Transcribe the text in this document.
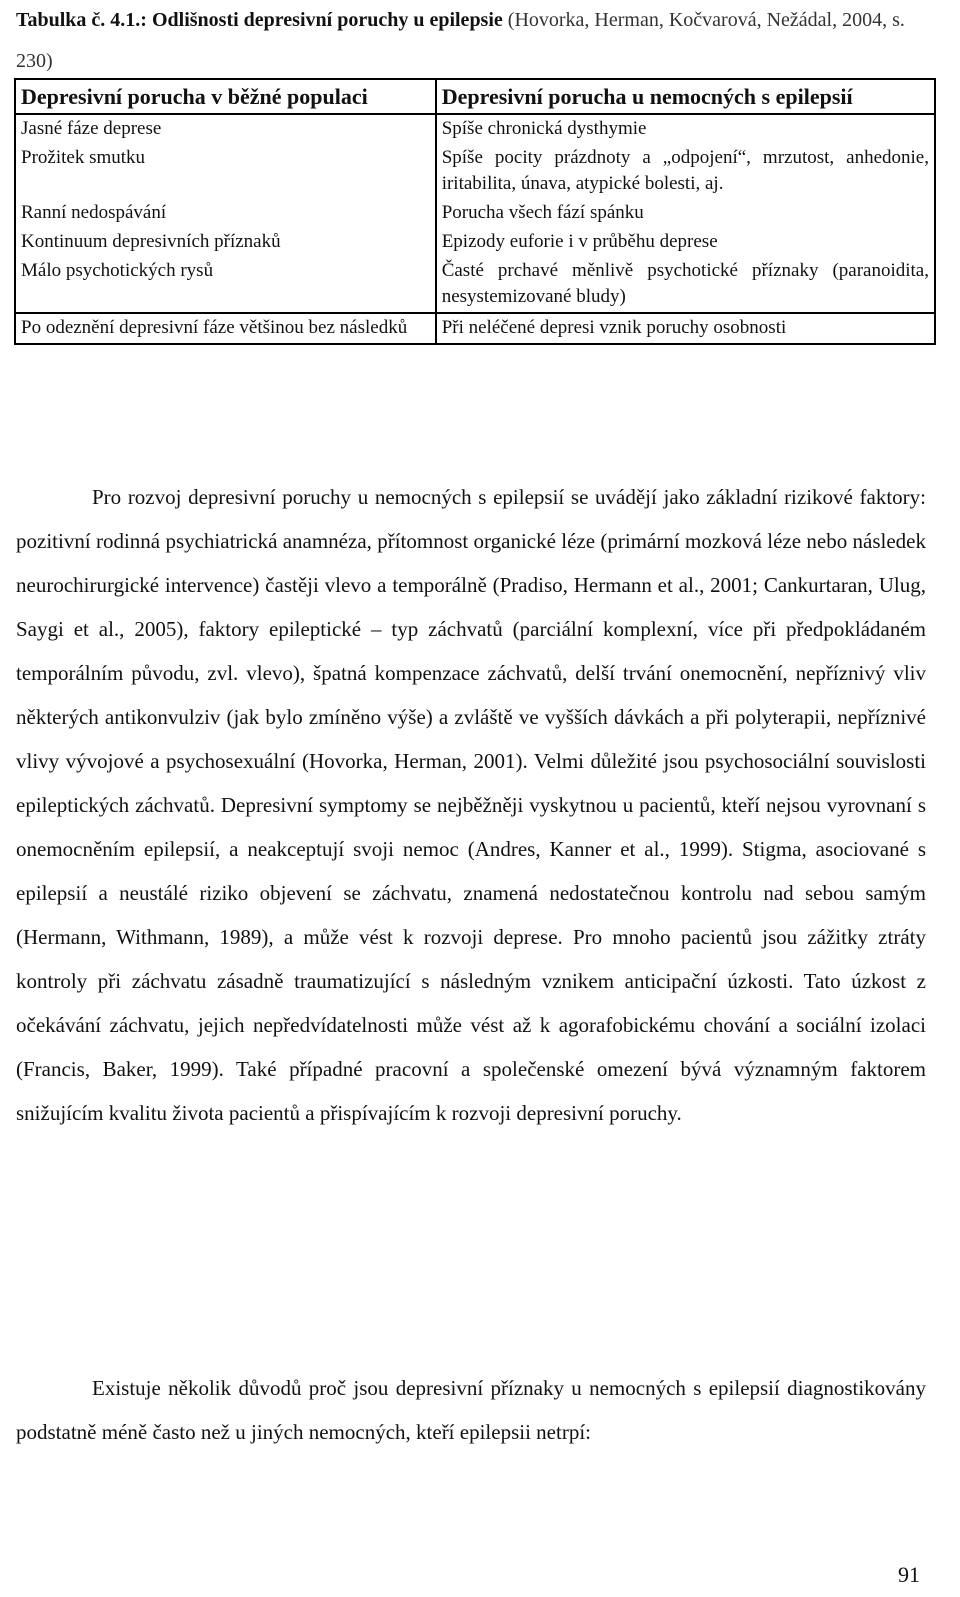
Tabulka č. 4.1.: Odlišnosti depresivní poruchy u epilepsie (Hovorka, Herman, Kočvarová, Nežádal, 2004, s. 230)

Depresivní porucha v běžné populaci	Depresivní porucha u nemocných s epilepsií
Jasné fáze deprese	Spíše chronická dysthymie
Prožitek smutku	Spíše pocity prázdnoty a „odpojení“, mrzutost, anhedonie, iritabilita, únava, atypické bolesti, aj.
Ranní nedospávání	Porucha všech fází spánku
Kontinuum depresivních příznaků	Epizody euforie i v průběhu deprese
Málo psychotických rysů	Časté prchavé měnlivě psychotické příznaky (paranoidita, nesystemizované bludy)
Po odeznění depresivní fáze většinou bez následků	Při neléčené depresi vznik poruchy osobnosti

Pro rozvoj depresivní poruchy u nemocných s epilepsií se uvádějí jako základní rizikové faktory: pozitivní rodinná psychiatrická anamnéza, přítomnost organické léze (primární mozková léze nebo následek neurochirurgické intervence) častěji vlevo a temporálně (Pradiso, Hermann et al., 2001; Cankurtaran, Ulug, Saygi et al., 2005), faktory epileptické – typ záchvatů (parciální komplexní, více při předpokládaném temporálním původu, zvl. vlevo), špatná kompenzace záchvatů, delší trvání onemocnění, nepříznivý vliv některých antikonvulziv (jak bylo zmíněno výše) a zvláště ve vyšších dávkách a při polyterapii, nepříznivé vlivy vývojové a psychosexuální (Hovorka, Herman, 2001). Velmi důležité jsou psychosociální souvislosti epileptických záchvatů. Depresivní symptomy se nejběžněji vyskytnou u pacientů, kteří nejsou vyrovnaní s onemocněním epilepsií, a neakceptují svoji nemoc (Andres, Kanner et al., 1999). Stigma, asociované s epilepsií a neustálé riziko objevení se záchvatu, znamená nedostatečnou kontrolu nad sebou samým (Hermann, Withmann, 1989), a může vést k rozvoji deprese. Pro mnoho pacientů jsou zážitky ztráty kontroly při záchvatu zásadně traumatizující s následným vznikem anticipační úzkosti. Tato úzkost z očekávání záchvatu, jejich nepředvídatelnosti může vést až k agorafobickému chování a sociální izolaci (Francis, Baker, 1999). Také případné pracovní a společenské omezení bývá významným faktorem snižujícím kvalitu života pacientů a přispívajícím k rozvoji depresivní poruchy.

Existuje několik důvodů proč jsou depresivní příznaky u nemocných s epilepsií diagnostikovány podstatně méně často než u jiných nemocných, kteří epilepsii netrpí:

91
